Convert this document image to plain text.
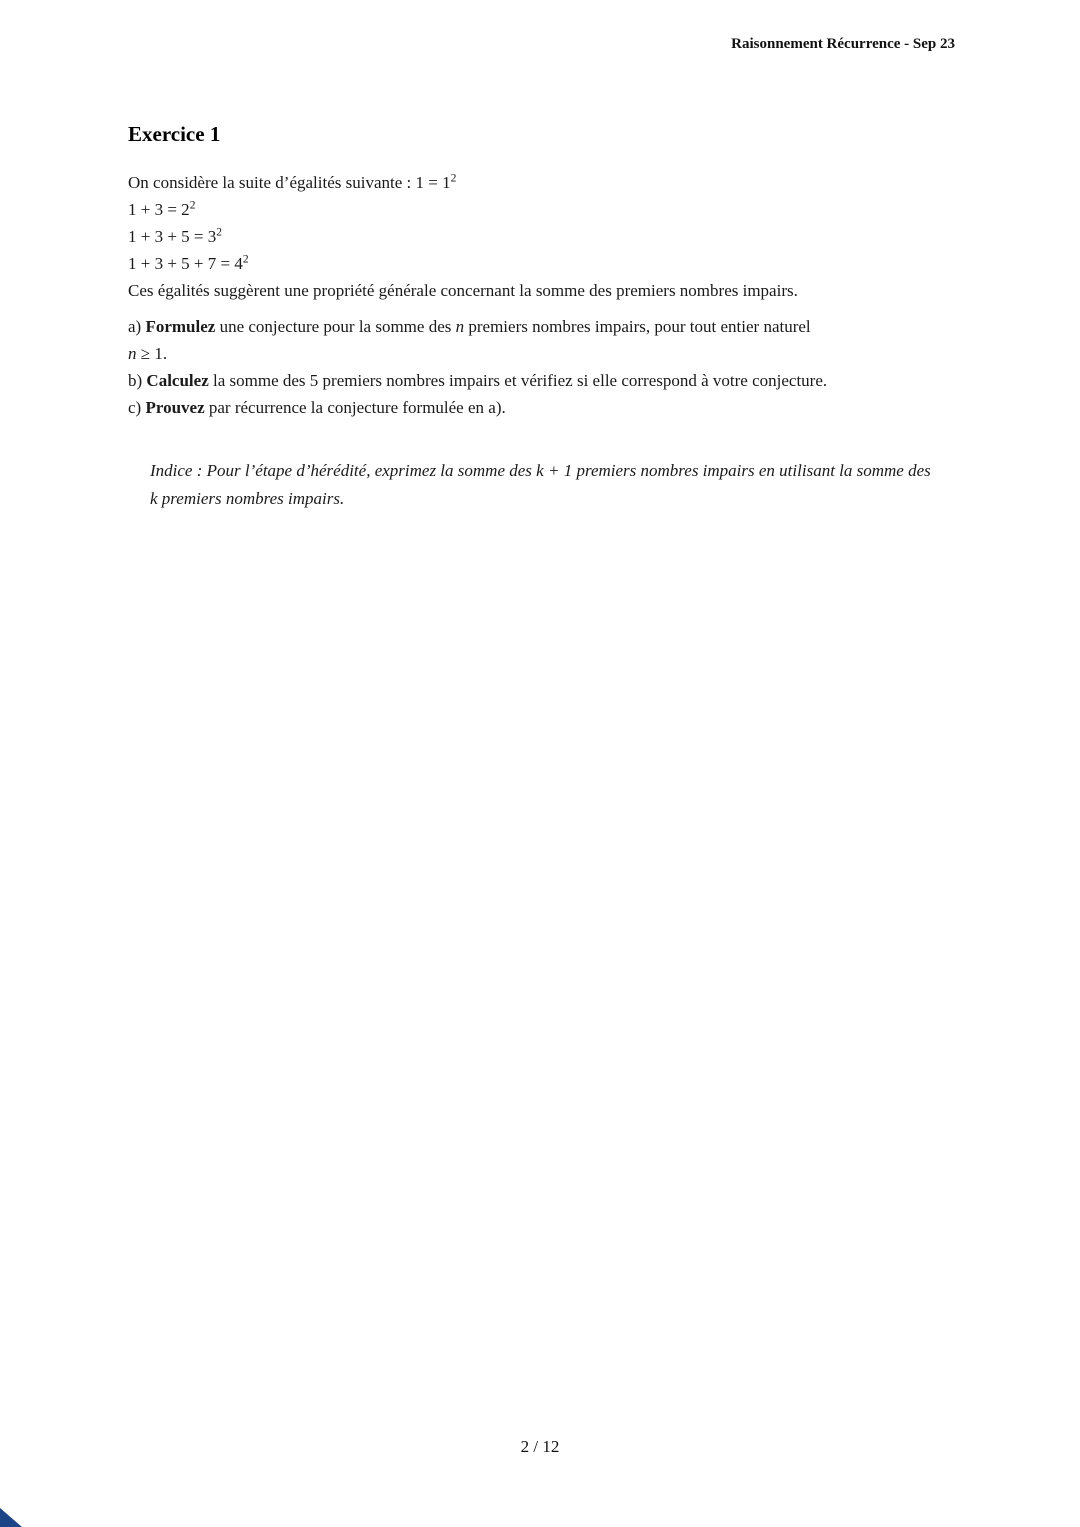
Raisonnement Récurrence - Sep 23
Exercice 1
On considère la suite d’égalités suivante : $1 = 1^2$
$1 + 3 = 2^2$
$1 + 3 + 5 = 3^2$
$1 + 3 + 5 + 7 = 4^2$
Ces égalités suggèrent une propriété générale concernant la somme des premiers nombres impairs.
a) Formulez une conjecture pour la somme des n premiers nombres impairs, pour tout entier naturel
n ≥ 1.
b) Calculez la somme des 5 premiers nombres impairs et vérifiez si elle correspond à votre conjecture.
c) Prouvez par récurrence la conjecture formulée en a).
Indice : Pour l’étape d’hérédité, exprimez la somme des k + 1 premiers nombres impairs en utilisant la somme des k premiers nombres impairs.
2 / 12
